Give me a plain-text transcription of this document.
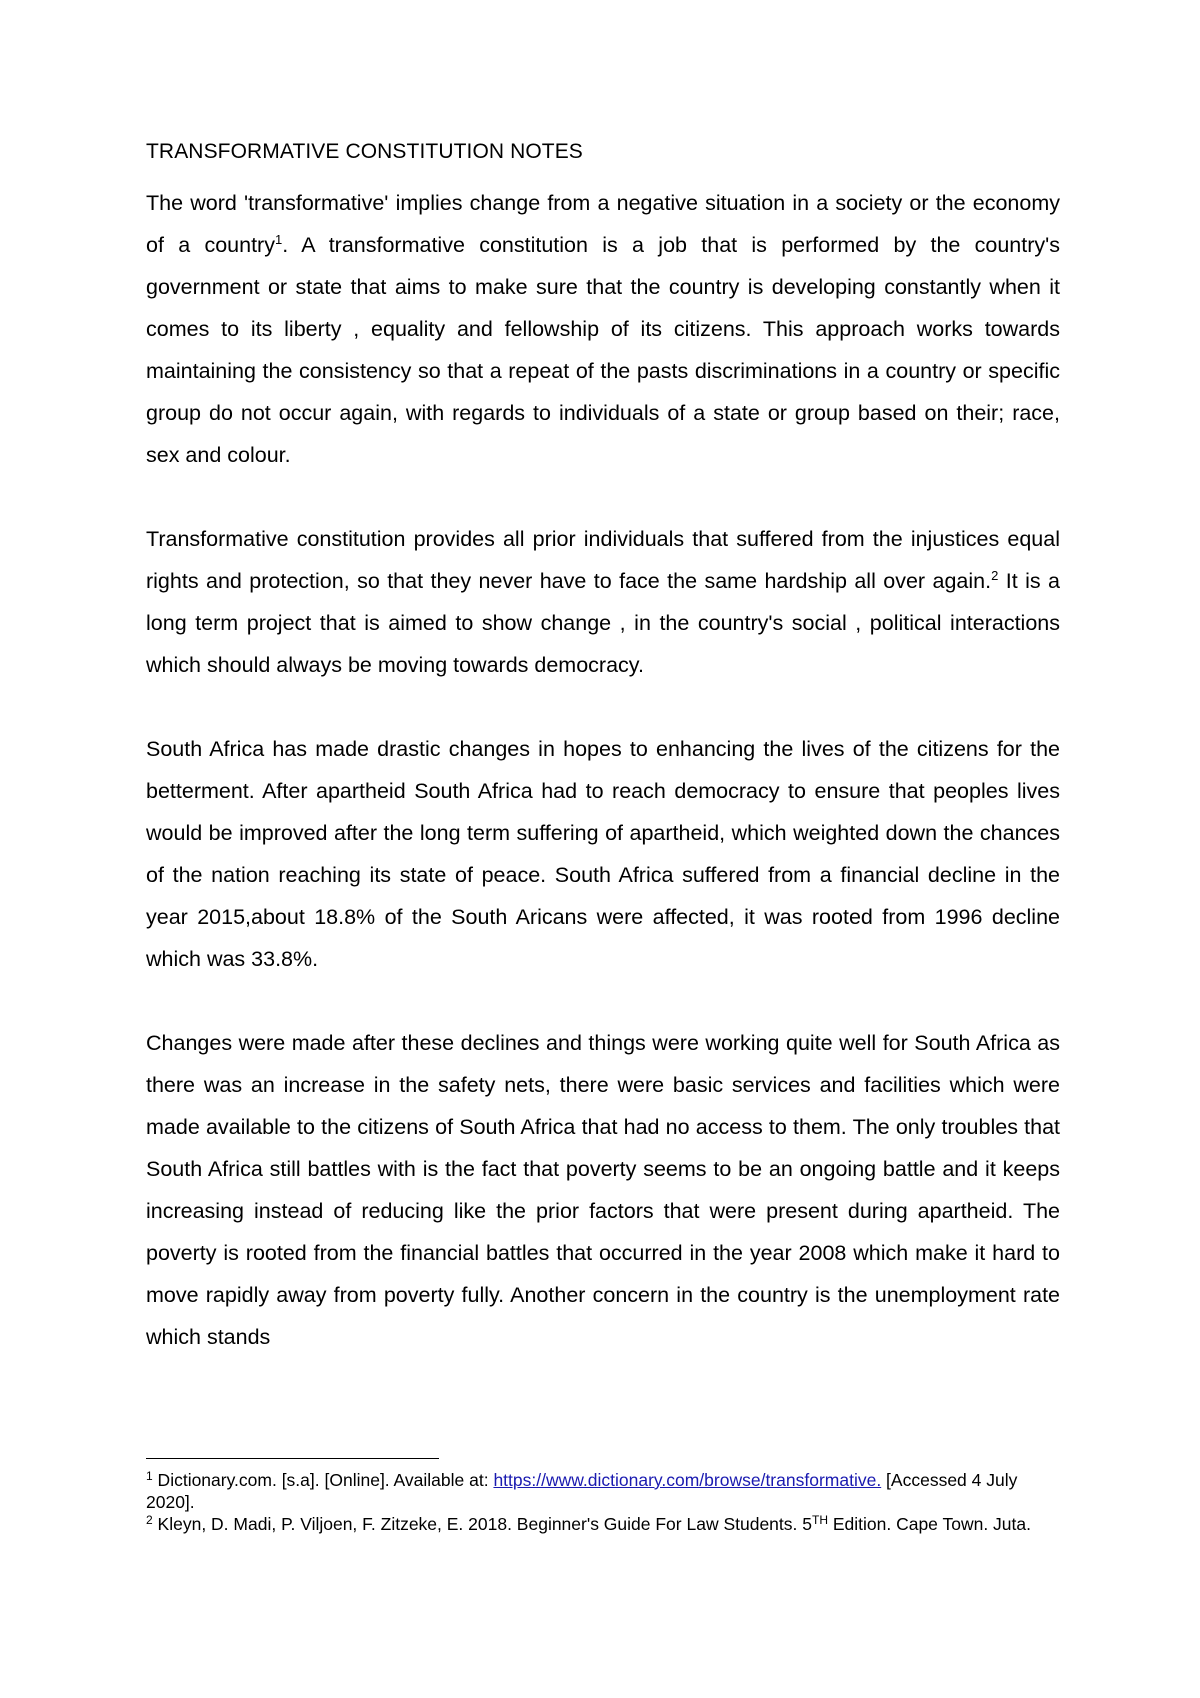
TRANSFORMATIVE CONSTITUTION NOTES

The word 'transformative' implies change from a negative situation in a society or the economy of a country$^1$. A transformative constitution is a job that is performed by the country's government or state that aims to make sure that the country is developing constantly when it comes to its liberty , equality and fellowship of its citizens. This approach works towards maintaining the consistency so that a repeat of the pasts discriminations in a country or specific group do not occur again, with regards to individuals of a state or group based on their; race, sex and colour.

Transformative constitution provides all prior individuals that suffered from the injustices equal rights and protection, so that they never have to face the same hardship all over again.$^2$ It is a long term project that is aimed to show change , in the country's social , political interactions which should always be moving towards democracy.

South Africa has made drastic changes in hopes to enhancing the lives of the citizens for the betterment. After apartheid South Africa had to reach democracy to ensure that peoples lives would be improved after the long term suffering of apartheid, which weighted down the chances of the nation reaching its state of peace. South Africa suffered from a financial decline in the year 2015,about 18.8% of the South Aricans were affected, it was rooted from 1996 decline which was 33.8%.

Changes were made after these declines and things were working quite well for South Africa as there was an increase in the safety nets, there were basic services and facilities which were made available to the citizens of South Africa that had no access to them. The only troubles that South Africa still battles with is the fact that poverty seems to be an ongoing battle and it keeps increasing instead of reducing like the prior factors that were present during apartheid. The poverty is rooted from the financial battles that occurred in the year 2008 which make it hard to move rapidly away from poverty fully. Another concern in the country is the unemployment rate which stands

$^1$ Dictionary.com. [s.a]. [Online]. Available at: https://www.dictionary.com/browse/transformative. [Accessed 4 July 2020].

$^2$ Kleyn, D. Madi, P. Viljoen, F. Zitzeke, E. 2018. Beginner's Guide For Law Students. 5TH Edition. Cape Town. Juta.
